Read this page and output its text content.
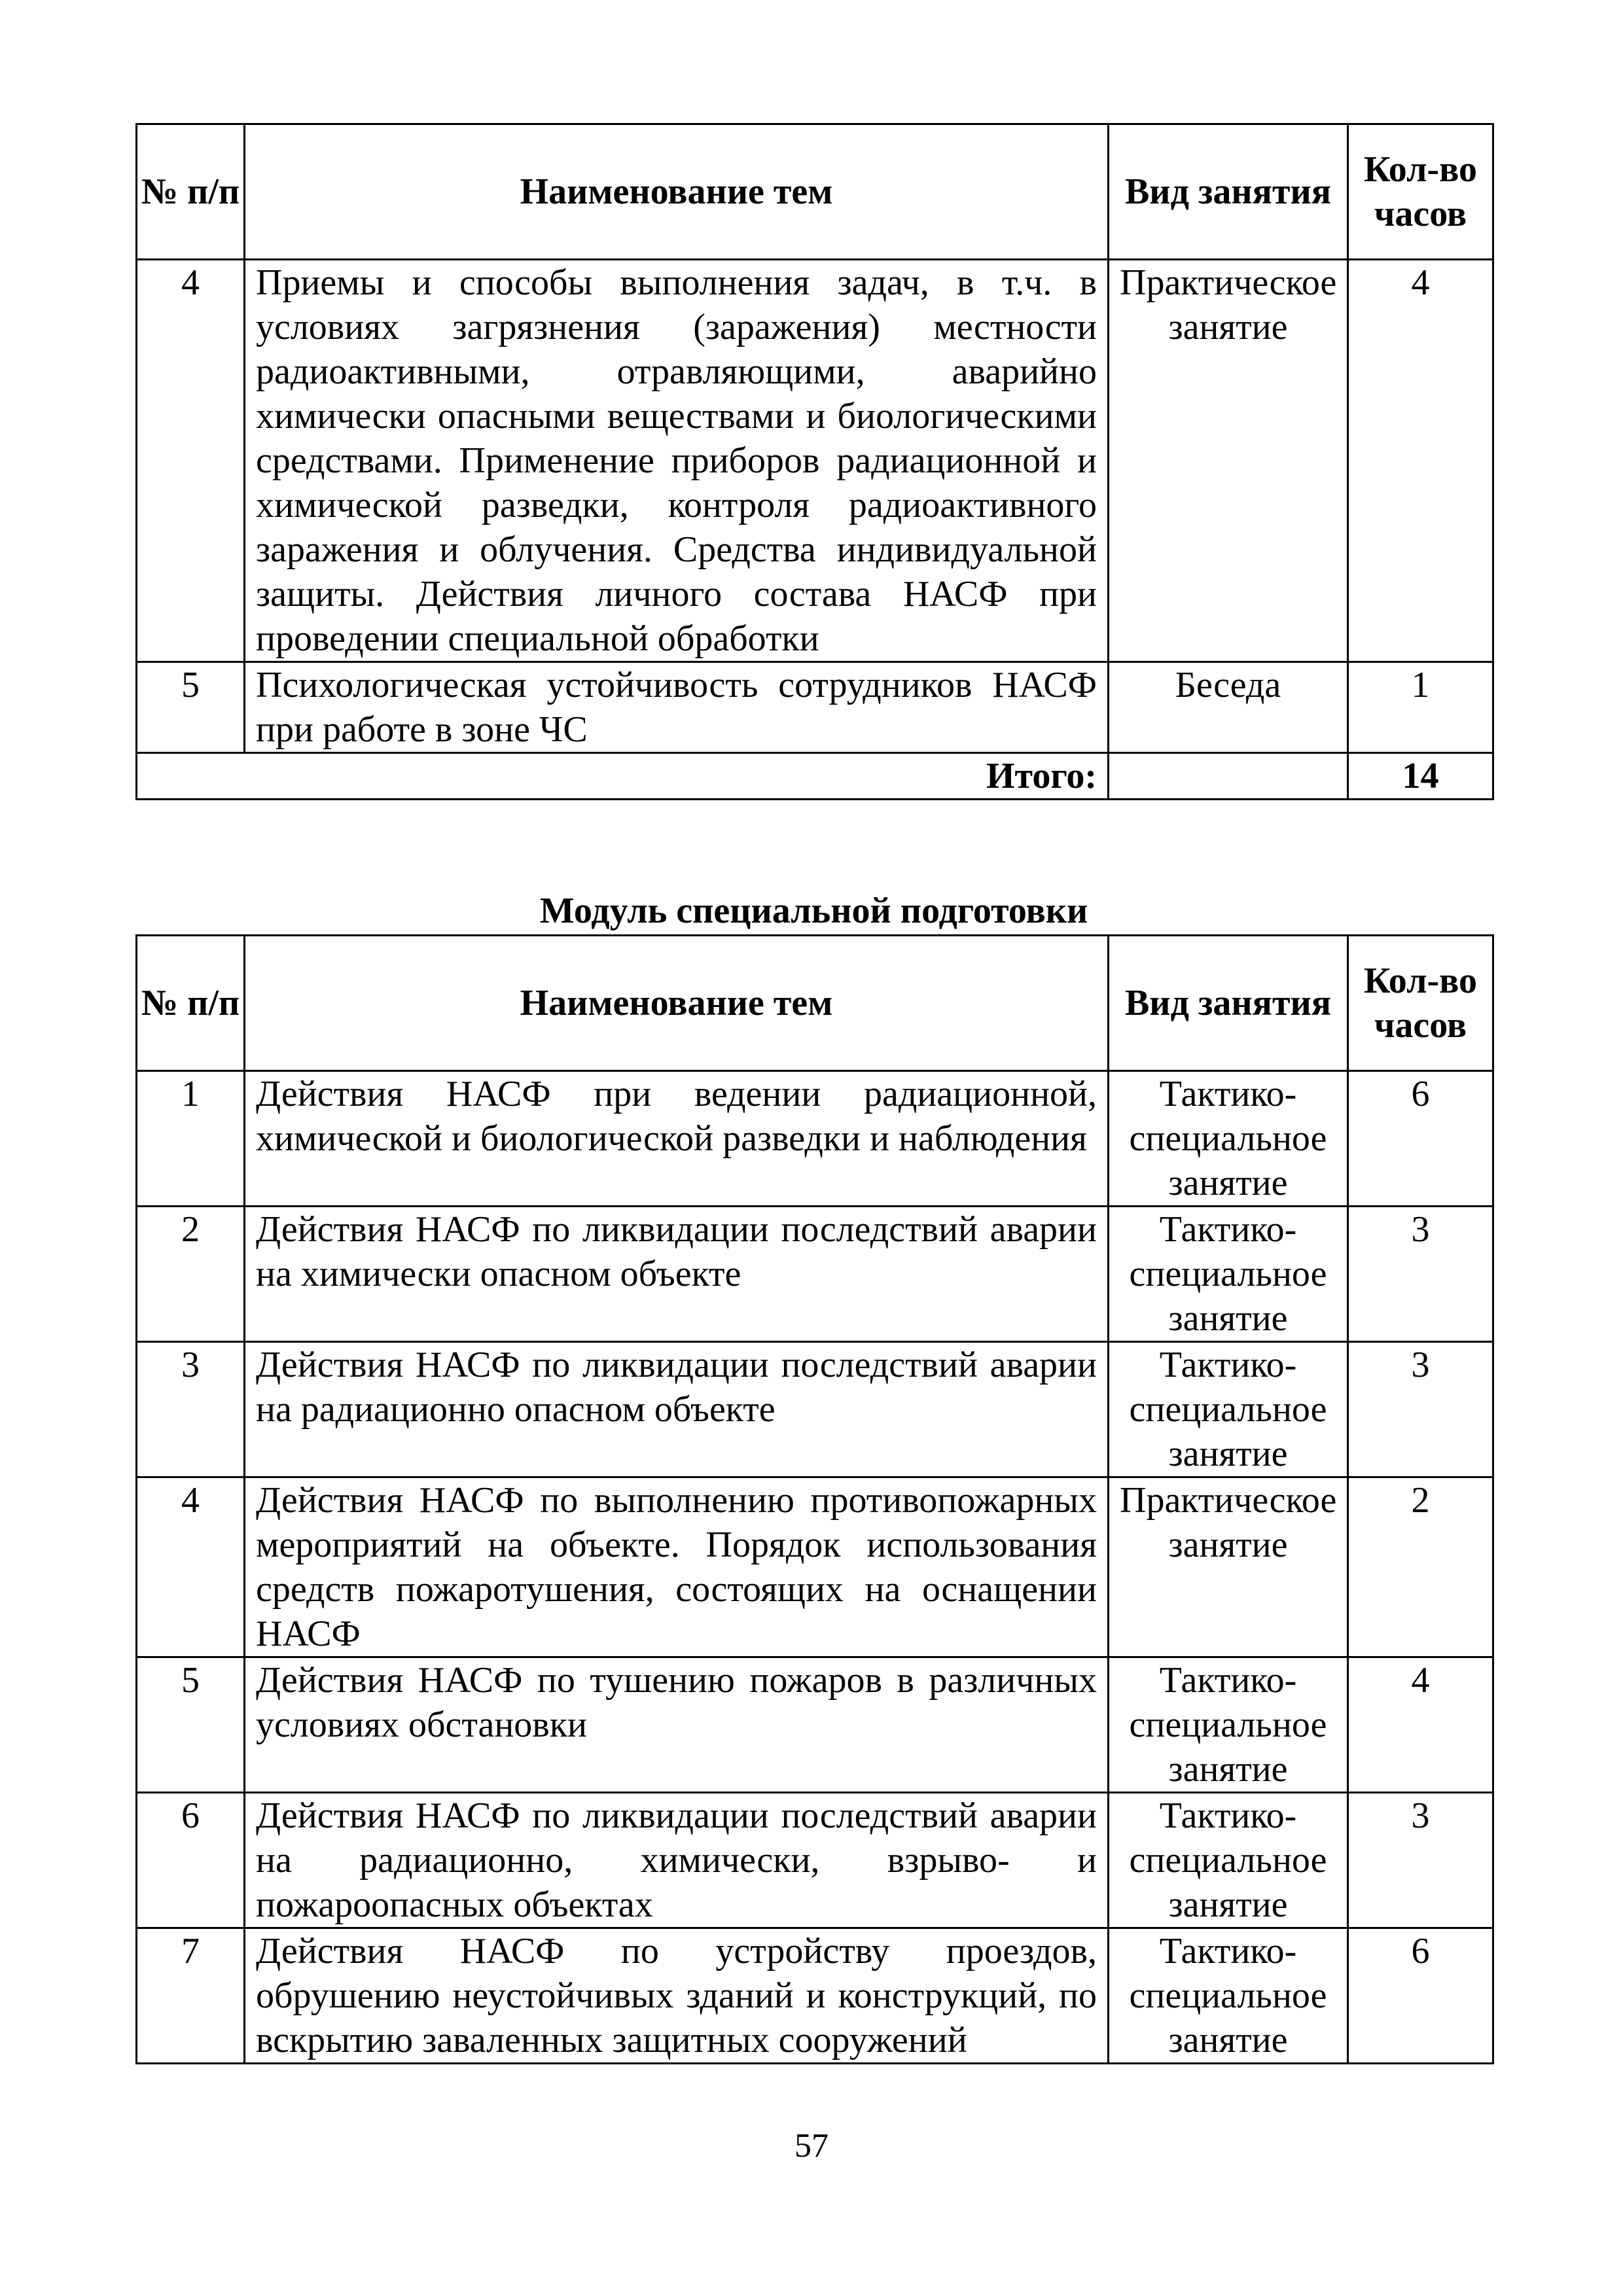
№ п/п	Наименование тем	Вид занятия	Кол-во часов
4	Приемы и способы выполнения задач, в т.ч. в условиях загрязнения (заражения) местности радиоактивными, отравляющими, аварийно химически опасными веществами и биологическими средствами. Применение приборов радиационной и химической разведки, контроля радиоактивного заражения и облучения. Средства индивидуальной защиты. Действия личного состава НАСФ при проведении специальной обработки	Практическое занятие	4
5	Психологическая устойчивость сотрудников НАСФ при работе в зоне ЧС	Беседа	1
Итого:			14
Модуль специальной подготовки
№ п/п	Наименование тем	Вид занятия	Кол-во часов
1	Действия НАСФ при ведении радиационной, химической и биологической разведки и наблюдения	Тактико-специальное занятие	6
2	Действия НАСФ по ликвидации последствий аварии на химически опасном объекте	Тактико-специальное занятие	3
3	Действия НАСФ по ликвидации последствий аварии на радиационно опасном объекте	Тактико-специальное занятие	3
4	Действия НАСФ по выполнению противопожарных мероприятий на объекте. Порядок использования средств пожаротушения, состоящих на оснащении НАСФ	Практическое занятие	2
5	Действия НАСФ по тушению пожаров в различных условиях обстановки	Тактико-специальное занятие	4
6	Действия НАСФ по ликвидации последствий аварии на радиационно, химически, взрыво- и пожароопасных объектах	Тактико-специальное занятие	3
7	Действия НАСФ по устройству проездов, обрушению неустойчивых зданий и конструкций, по вскрытию заваленных защитных сооружений	Тактико-специальное занятие	6
57
